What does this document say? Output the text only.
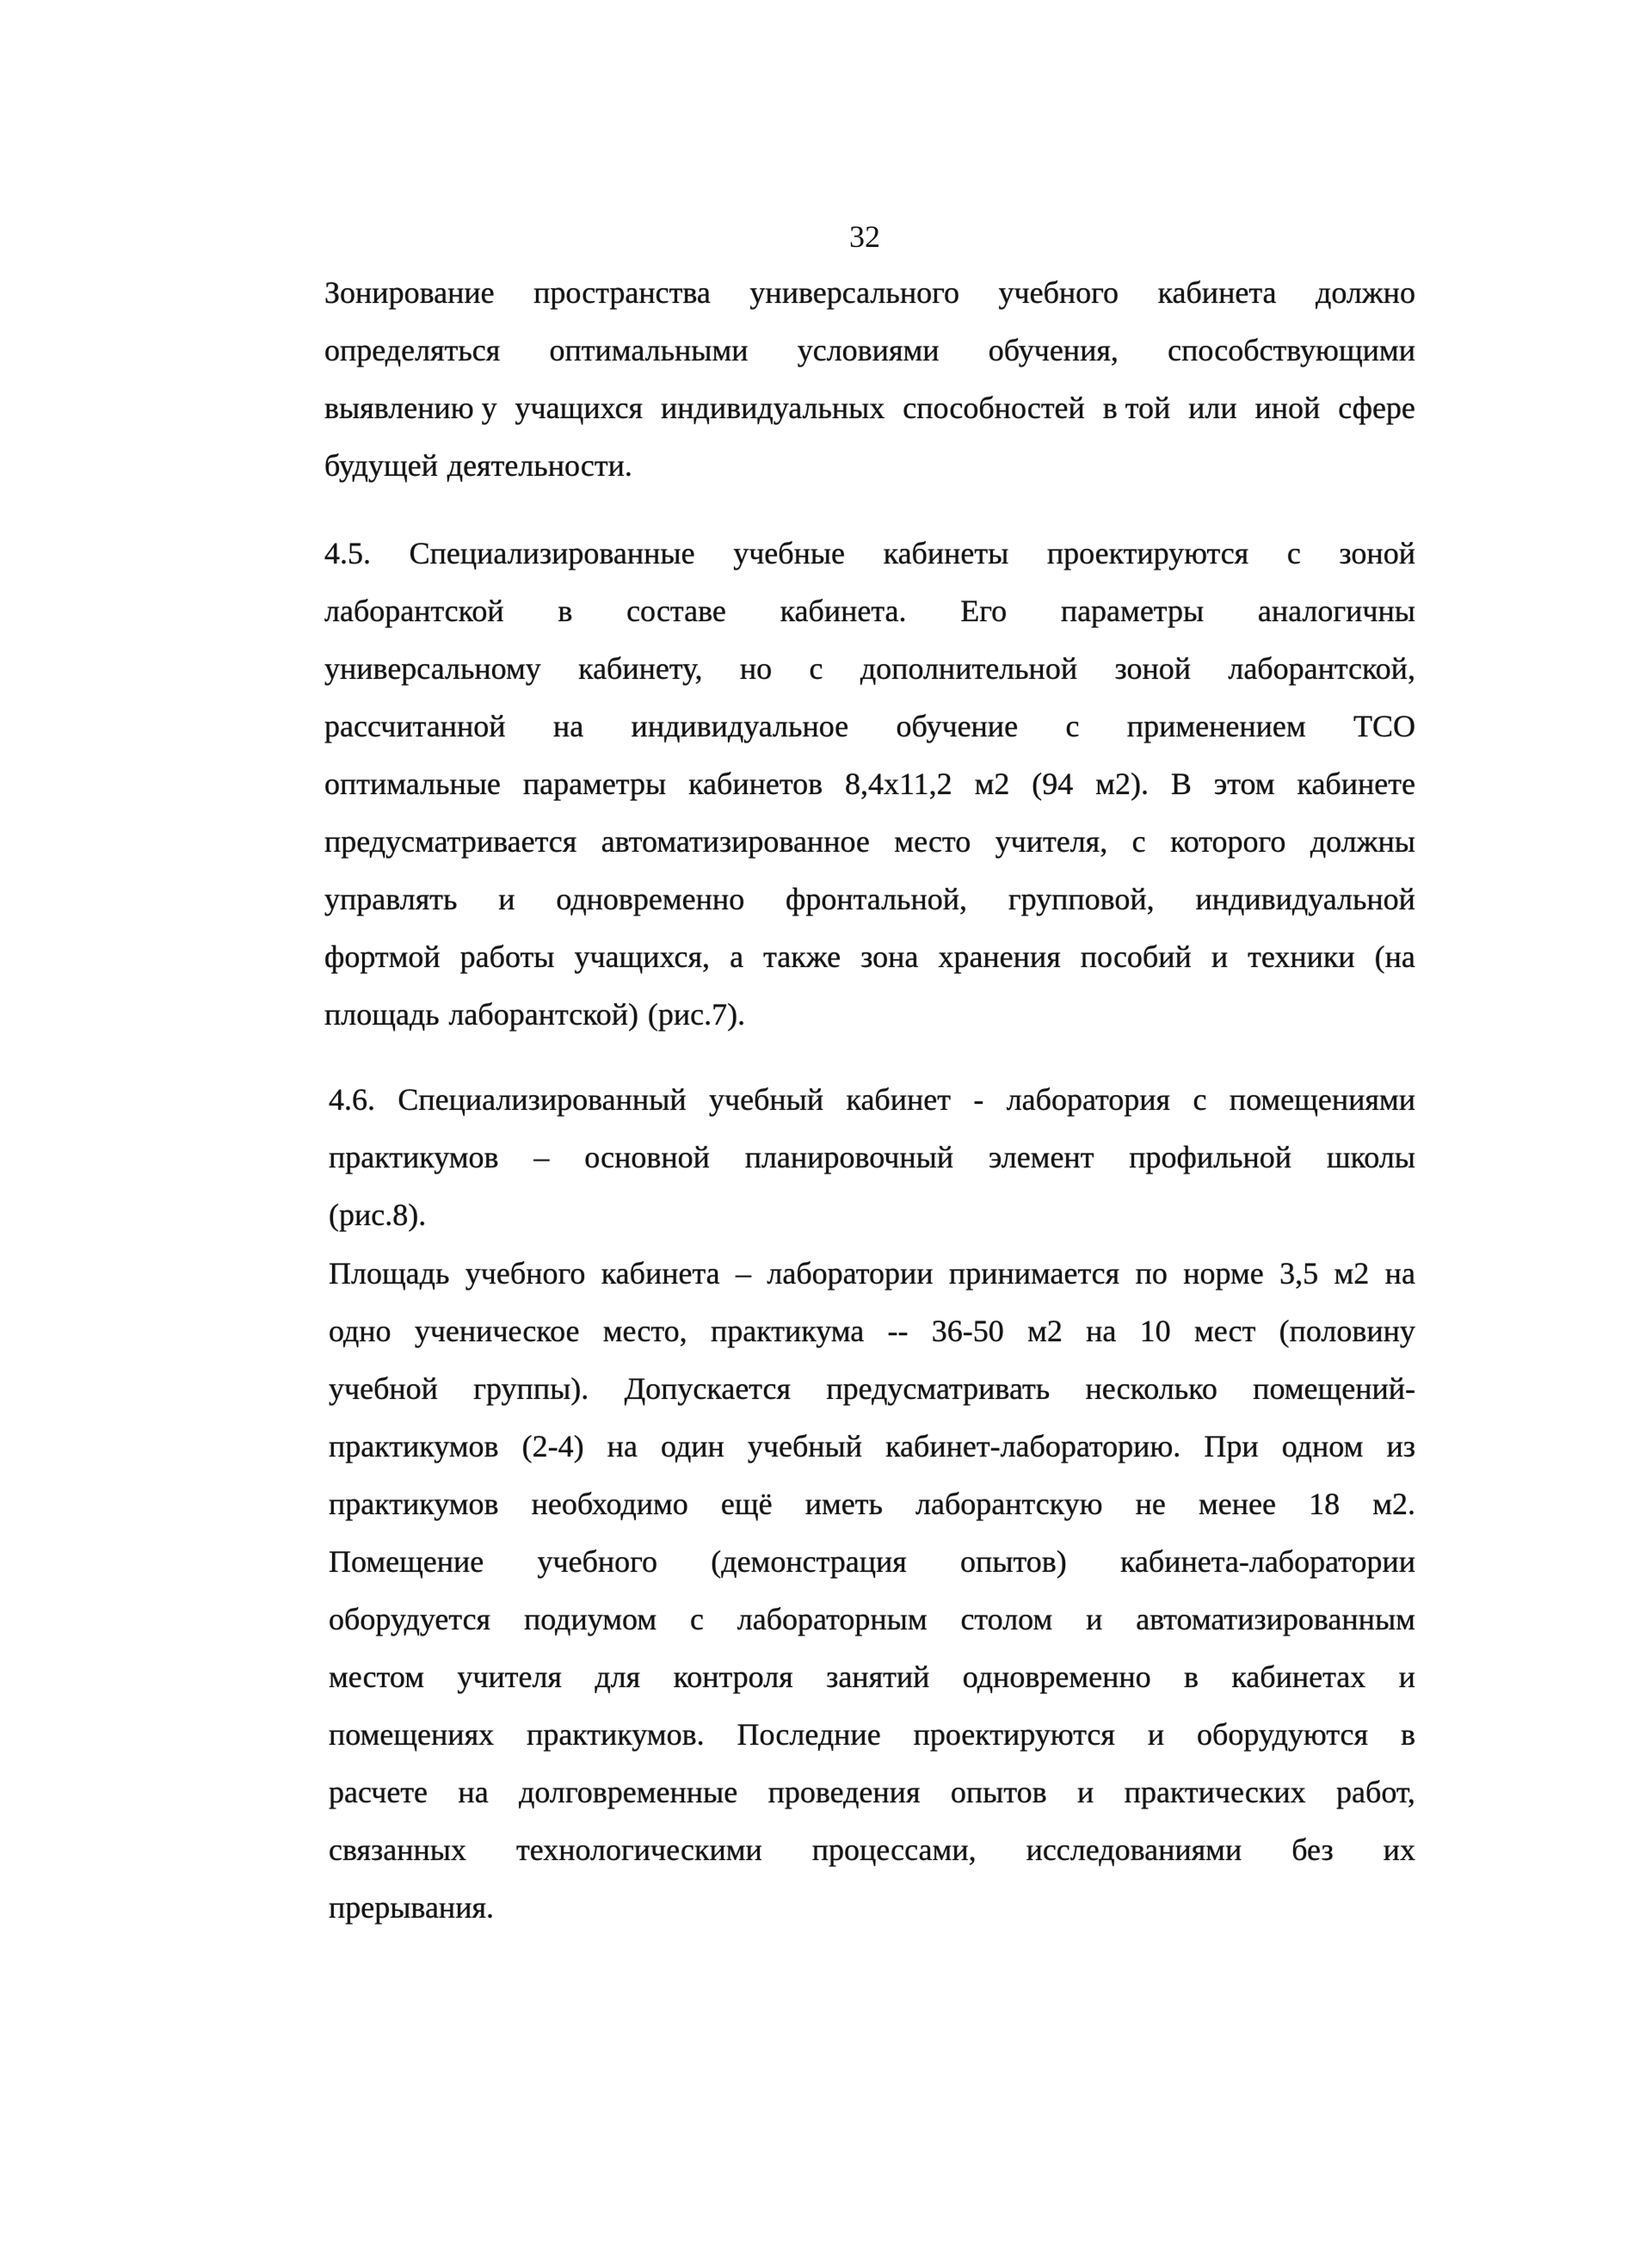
32
Зонирование пространства универсального учебного кабинета должно
определяться оптимальными условиями обучения, способствующими
выявлению у учащихся индивидуальных способностей в той или иной сфере
будущей деятельности.
4.5. Специализированные учебные кабинеты проектируются с зоной
лаборантской в составе кабинета. Его параметры аналогичны
универсальному кабинету, но с дополнительной зоной лаборантской,
рассчитанной на индивидуальное обучение с применением ТСО
оптимальные параметры кабинетов 8,4х11,2 м2 (94 м2). В этом кабинете
предусматривается автоматизированное место учителя, с которого должны
управлять и одновременно фронтальной, групповой, индивидуальной
фортмой работы учащихся, а также зона хранения пособий и техники (на
площадь лаборантской) (рис.7).
4.6. Специализированный учебный кабинет - лаборатория с помещениями
практикумов – основной планировочный элемент профильной школы
(рис.8).
Площадь учебного кабинета – лаборатории принимается по норме 3,5 м2 на
одно ученическое место, практикума -- 36-50 м2 на 10 мест (половину
учебной группы). Допускается предусматривать несколько помещений-
практикумов (2-4) на один учебный кабинет-лабораторию. При одном из
практикумов необходимо ещё иметь лаборантскую не менее 18 м2.
Помещение учебного (демонстрация опытов) кабинета-лаборатории
оборудуется подиумом с лабораторным столом и автоматизированным
местом учителя для контроля занятий одновременно в кабинетах и
помещениях практикумов. Последние проектируются и оборудуются в
расчете на долговременные проведения опытов и практических работ,
связанных технологическими процессами, исследованиями без их
прерывания.
